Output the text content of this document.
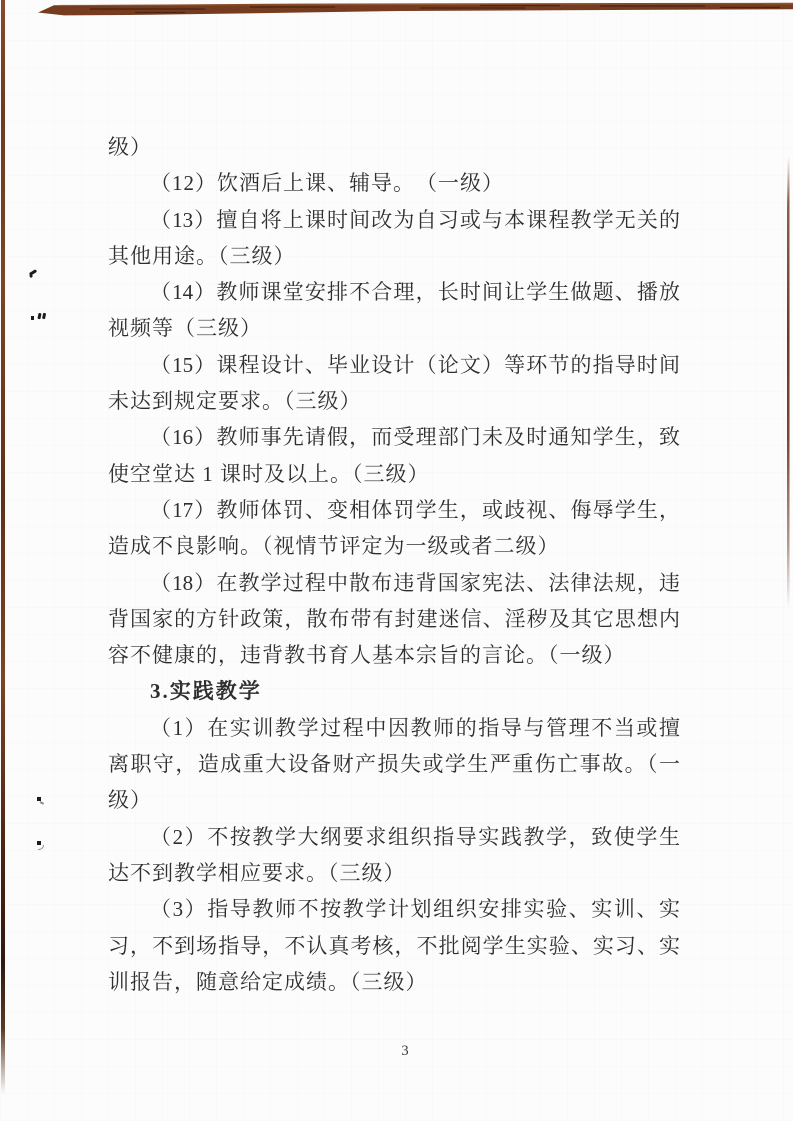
级）
（12）饮酒后上课、辅导。　（一级）
（13）擅自将上课时间改为自习或与本课程教学无关的
其他用途。（三级）
（14）教师课堂安排不合理，长时间让学生做题、播放
视频等（三级）
（15）课程设计、毕业设计（论文）等环节的指导时间
未达到规定要求。（三级）
（16）教师事先请假，而受理部门未及时通知学生，致
使空堂达 1 课时及以上。（三级）
（17）教师体罚、变相体罚学生，或歧视、侮辱学生，
造成不良影响。（视情节评定为一级或者二级）
（18）在教学过程中散布违背国家宪法、法律法规，违
背国家的方针政策，散布带有封建迷信、淫秽及其它思想内
容不健康的，违背教书育人基本宗旨的言论。（一级）
3.实践教学
（1）在实训教学过程中因教师的指导与管理不当或擅
离职守，造成重大设备财产损失或学生严重伤亡事故。（一
级）
（2）不按教学大纲要求组织指导实践教学，致使学生
达不到教学相应要求。（三级）
（3）指导教师不按教学计划组织安排实验、实训、实
习，不到场指导，不认真考核，不批阅学生实验、实习、实
训报告，随意给定成绩。（三级）
3
